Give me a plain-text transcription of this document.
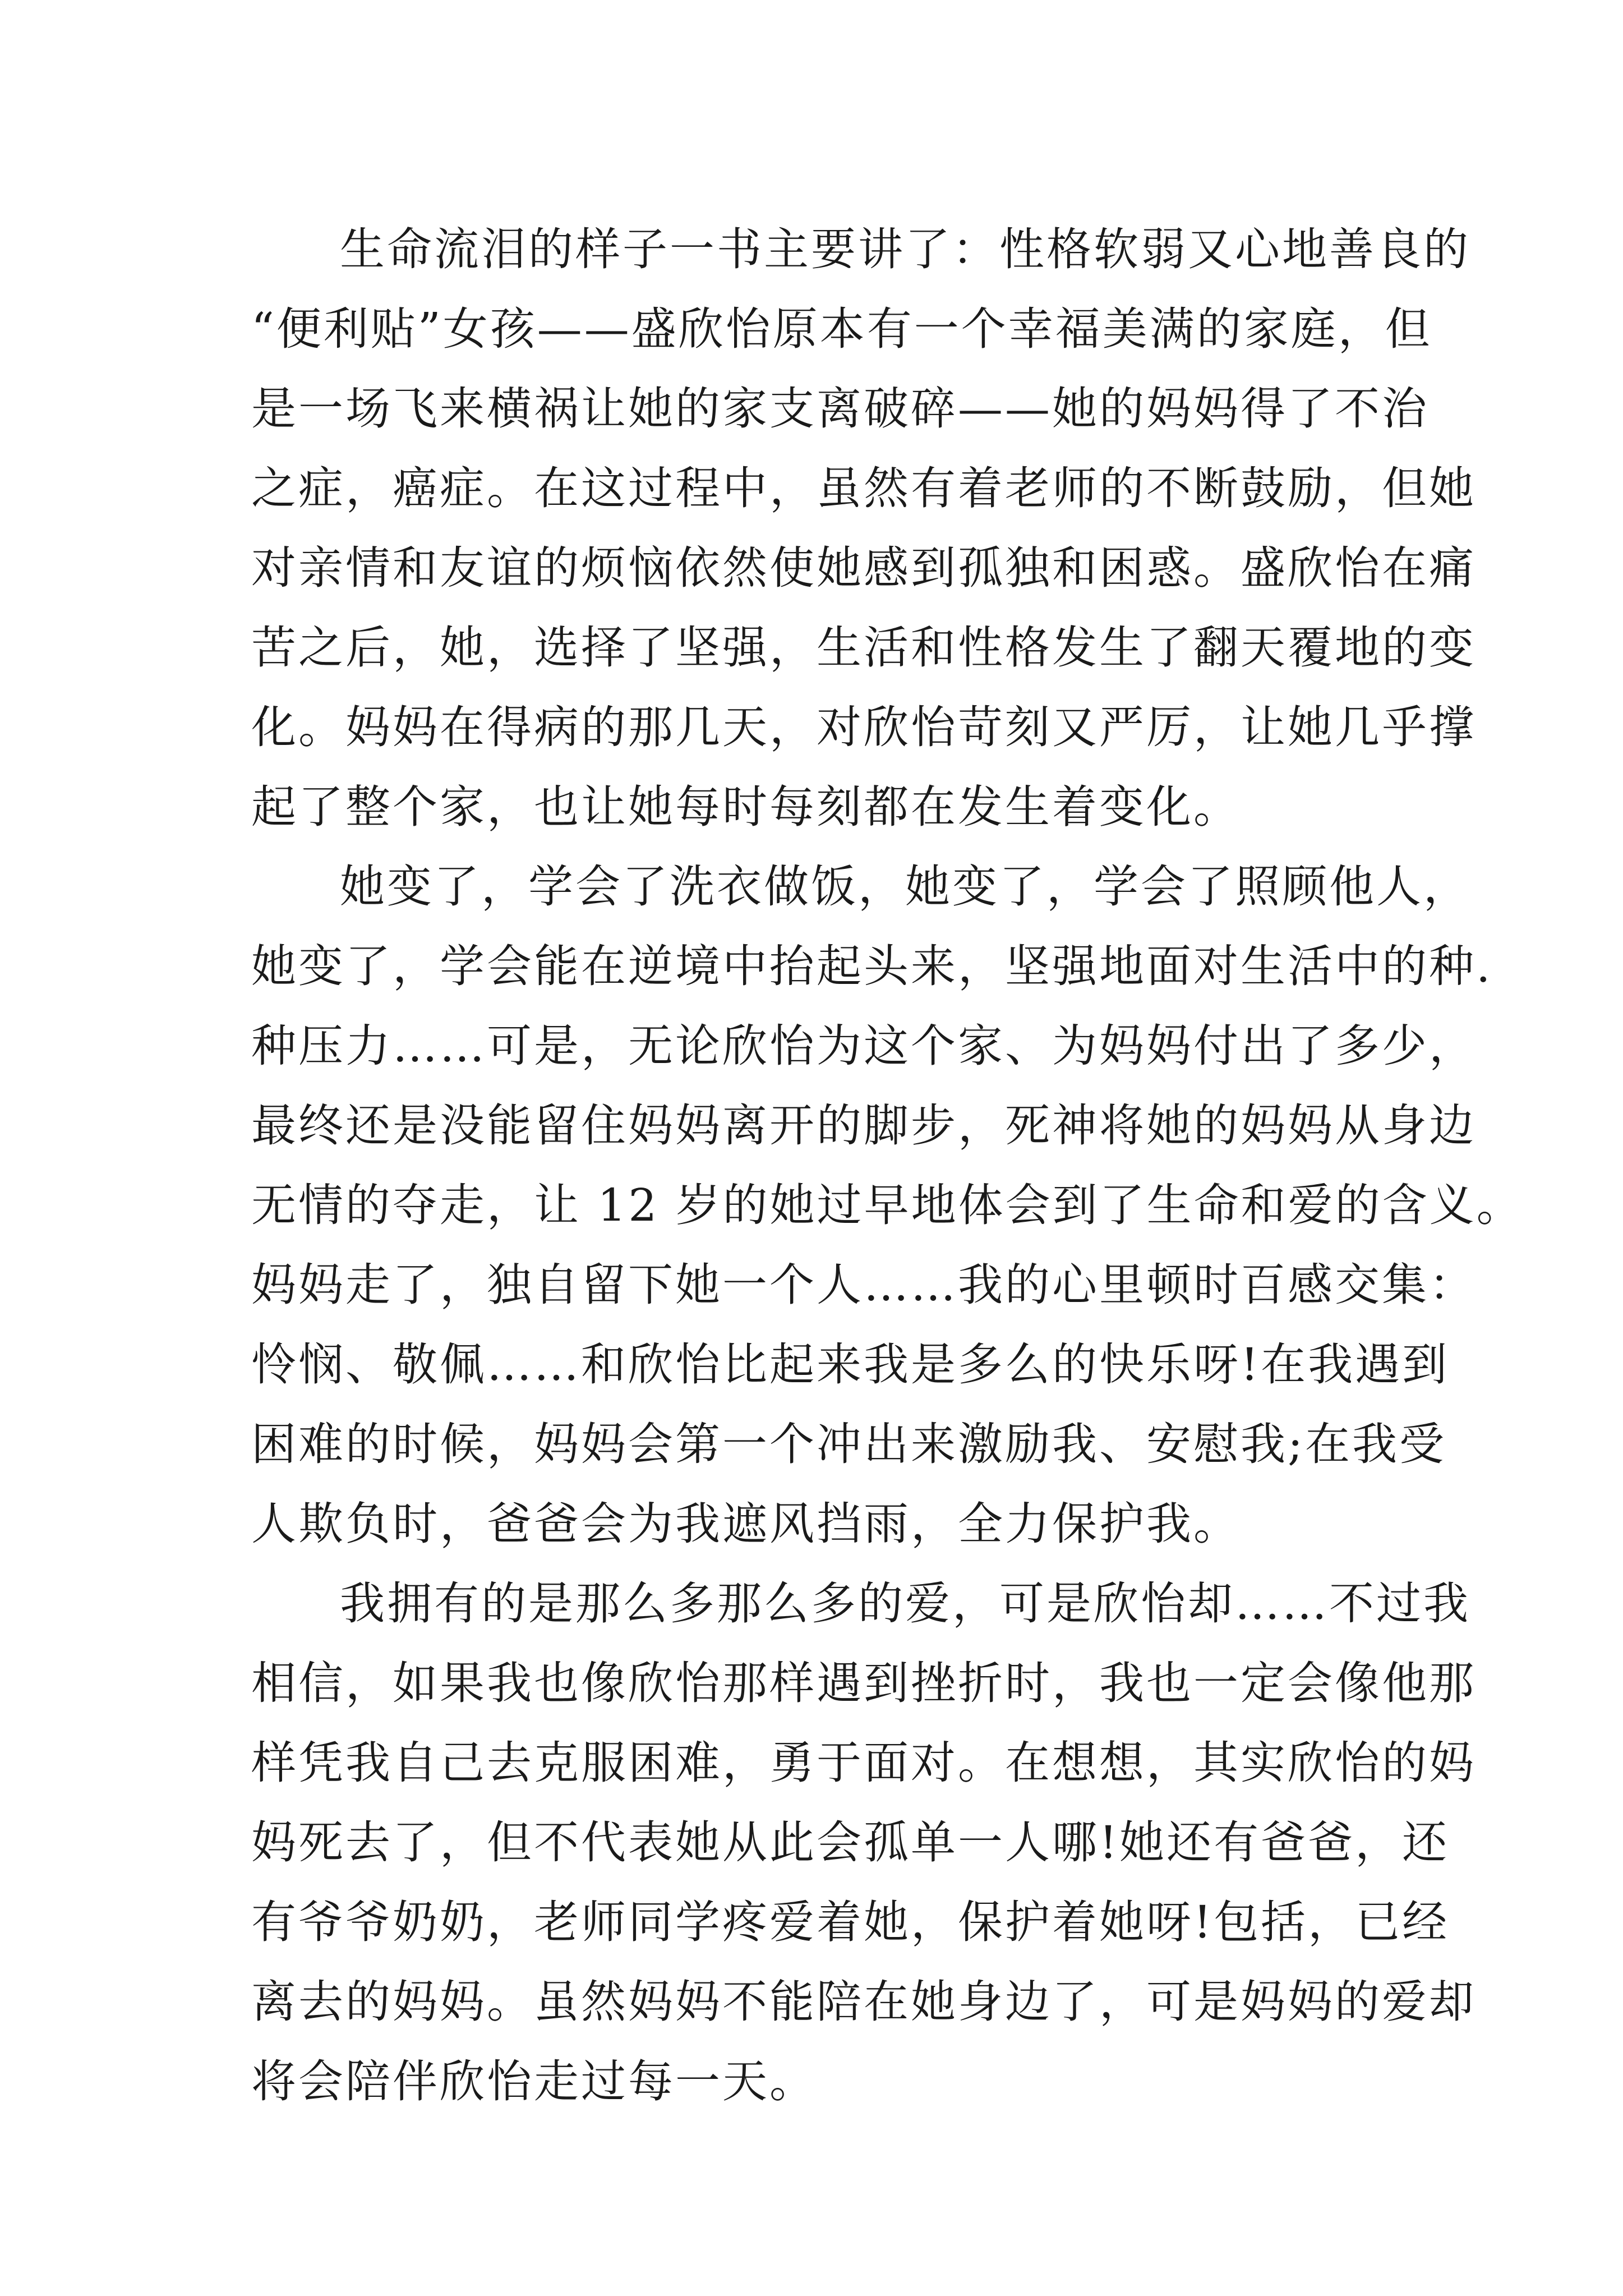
生命流泪的样子一书主要讲了：性格软弱又心地善良的
“便利贴”女孩——盛欣怡原本有一个幸福美满的家庭，但
是一场飞来横祸让她的家支离破碎——她的妈妈得了不治
之症，癌症。在这过程中，虽然有着老师的不断鼓励，但她
对亲情和友谊的烦恼依然使她感到孤独和困惑。盛欣怡在痛
苦之后，她，选择了坚强，生活和性格发生了翻天覆地的变
化。妈妈在得病的那几天，对欣怡苛刻又严厉，让她几乎撑
起了整个家，也让她每时每刻都在发生着变化。
她变了，学会了洗衣做饭，她变了，学会了照顾他人，
她变了，学会能在逆境中抬起头来，坚强地面对生活中的种.
种压力……可是，无论欣怡为这个家、为妈妈付出了多少，
最终还是没能留住妈妈离开的脚步，死神将她的妈妈从身边
无情的夺走，让 12 岁的她过早地体会到了生命和爱的含义。
妈妈走了，独自留下她一个人……我的心里顿时百感交集：
怜悯、敬佩……和欣怡比起来我是多么的快乐呀!在我遇到
困难的时候，妈妈会第一个冲出来激励我、安慰我;在我受
人欺负时，爸爸会为我遮风挡雨，全力保护我。
我拥有的是那么多那么多的爱，可是欣怡却……不过我
相信，如果我也像欣怡那样遇到挫折时，我也一定会像他那
样凭我自己去克服困难，勇于面对。在想想，其实欣怡的妈
妈死去了，但不代表她从此会孤单一人哪!她还有爸爸，还
有爷爷奶奶，老师同学疼爱着她，保护着她呀!包括，已经
离去的妈妈。虽然妈妈不能陪在她身边了，可是妈妈的爱却
将会陪伴欣怡走过每一天。
